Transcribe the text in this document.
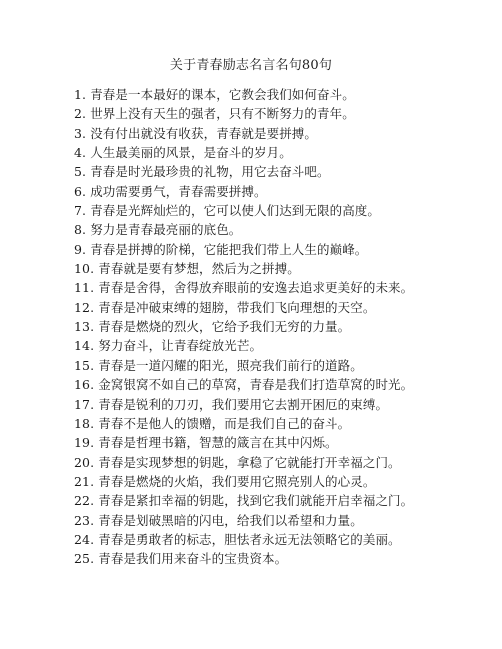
关于青春励志名言名句80句
1. 青春是一本最好的课本，它教会我们如何奋斗。
2. 世界上没有天生的强者，只有不断努力的青年。
3. 没有付出就没有收获，青春就是要拼搏。
4. 人生最美丽的风景，是奋斗的岁月。
5. 青春是时光最珍贵的礼物，用它去奋斗吧。
6. 成功需要勇气，青春需要拼搏。
7. 青春是光辉灿烂的，它可以使人们达到无限的高度。
8. 努力是青春最亮丽的底色。
9. 青春是拼搏的阶梯，它能把我们带上人生的巅峰。
10. 青春就是要有梦想，然后为之拼搏。
11. 青春是舍得，舍得放弃眼前的安逸去追求更美好的未来。
12. 青春是冲破束缚的翅膀，带我们飞向理想的天空。
13. 青春是燃烧的烈火，它给予我们无穷的力量。
14. 努力奋斗，让青春绽放光芒。
15. 青春是一道闪耀的阳光，照亮我们前行的道路。
16. 金窝银窝不如自己的草窝，青春是我们打造草窝的时光。
17. 青春是锐利的刀刃，我们要用它去割开困厄的束缚。
18. 青春不是他人的馈赠，而是我们自己的奋斗。
19. 青春是哲理书籍，智慧的箴言在其中闪烁。
20. 青春是实现梦想的钥匙，拿稳了它就能打开幸福之门。
21. 青春是燃烧的火焰，我们要用它照亮别人的心灵。
22. 青春是紧扣幸福的钥匙，找到它我们就能开启幸福之门。
23. 青春是划破黑暗的闪电，给我们以希望和力量。
24. 青春是勇敢者的标志，胆怯者永远无法领略它的美丽。
25. 青春是我们用来奋斗的宝贵资本。
